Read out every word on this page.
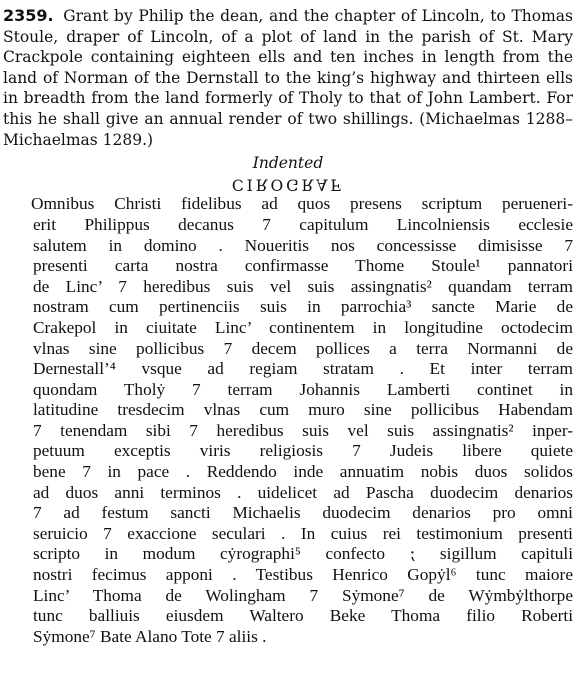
2359. Grant by Philip the dean, and the chapter of Lincoln, to Thomas Stoule, draper of Lincoln, of a plot of land in the parish of St. Mary Crackpole containing eighteen ells and ten inches in length from the land of Norman of the Dernstall to the king’s highway and thirteen ells in breadth from the land formerly of Tholy to that of John Lambert. For this he shall give an annual render of two shillings. (Michaelmas 1288–Michaelmas 1289.)

Indented
CIROGRAF
Omnibus Christi fidelibus ad quos presens scriptum perueneri-
erit Philippus decanus 7 capitulum Lincolniensis ecclesie
salutem in domino . Noueritis nos concessisse dimisisse 7
presenti carta nostra confirmasse Thome Stoule¹ pannatori
de Linc’ 7 heredibus suis vel suis assingnatis² quandam terram
nostram cum pertinenciis suis in parrochia³ sancte Marie de
Crakepol in ciuitate Linc’ continentem in longitudine octodecim
vlnas sine pollicibus 7 decem pollices a terra Normanni de
Dernestall’⁴ vsque ad regiam stratam . Et inter terram
quondam Tholẏ 7 terram Johannis Lamberti continet in
latitudine tresdecim vlnas cum muro sine pollicibus Habendam
7 tenendam sibi 7 heredibus suis vel suis assingnatis² inper-
petuum exceptis viris religiosis 7 Judeis libere quiete
bene 7 in pace . Reddendo inde annuatim nobis duos solidos
ad duos anni terminos . uidelicet ad Pascha duodecim denarios
7 ad festum sancti Michaelis duodecim denarios pro omni
seruicio 7 exaccione seculari . In cuius rei testimonium presenti
scripto in modum cẏrographi⁵ confecto ⁏ sigillum capituli
nostri fecimus apponi . Testibus Henrico Gopẏl⁶ tunc maiore
Linc’ Thoma de Wolingham 7 Sẏmone⁷ de Wẏmbẏlthorpe
tunc balliuis eiusdem Waltero Beke Thoma filio Roberti
Sẏmone⁷ Bate Alano Tote 7 aliis .
